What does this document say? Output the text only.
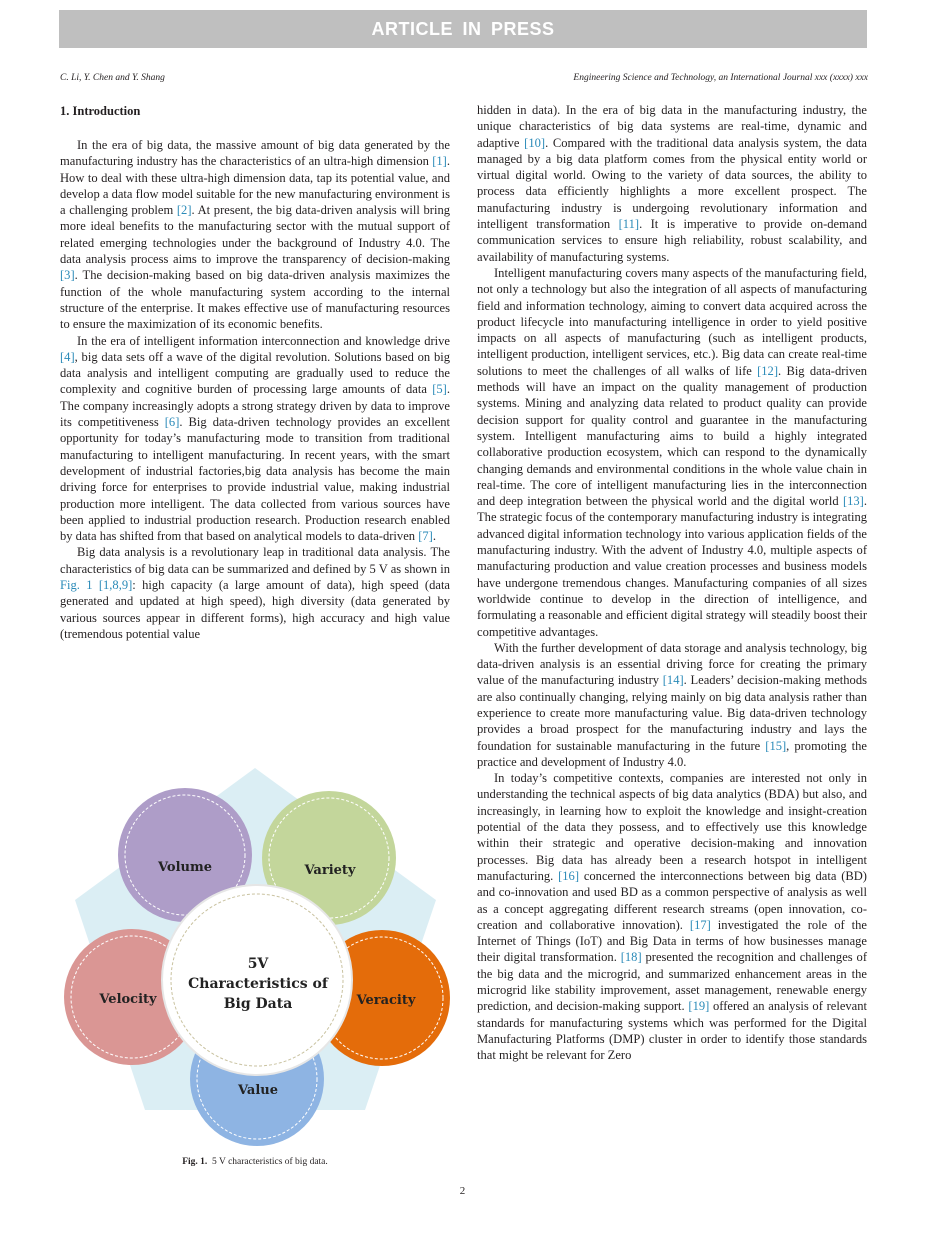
ARTICLE IN PRESS
C. Li, Y. Chen and Y. Shang	Engineering Science and Technology, an International Journal xxx (xxxx) xxx
1. Introduction

In the era of big data, the massive amount of big data generated by the manufacturing industry has the characteristics of an ultra-high dimension [1]. How to deal with these ultra-high dimension data, tap its potential value, and develop a data flow model suitable for the new manufacturing environment is a challenging problem [2]. At present, the big data-driven analysis will bring more ideal benefits to the manufacturing sector with the mutual support of related emerging technologies under the background of Industry 4.0. The data analysis process aims to improve the transparency of decision-making [3]. The decision-making based on big data-driven analysis maximizes the function of the whole manufacturing system according to the internal structure of the enterprise. It makes effective use of manufacturing resources to ensure the maximization of its economic benefits.

In the era of intelligent information interconnection and knowledge drive [4], big data sets off a wave of the digital revolution. Solutions based on big data analysis and intelligent computing are gradually used to reduce the complexity and cognitive burden of processing large amounts of data [5]. The company increasingly adopts a strong strategy driven by data to improve its competitiveness [6]. Big data-driven technology provides an excellent opportunity for today’s manufacturing mode to transition from traditional manufacturing to intelligent manufacturing. In recent years, with the smart development of industrial factories,big data analysis has become the main driving force for enterprises to provide industrial value, making industrial production more intelligent. The data collected from various sources have been applied to industrial production research. Production research enabled by data has shifted from that based on analytical models to data-driven [7].

Big data analysis is a revolutionary leap in traditional data analysis. The characteristics of big data can be summarized and defined by 5 V as shown in Fig. 1 [1,8,9]: high capacity (a large amount of data), high speed (data generated and updated at high speed), high diversity (data generated by various sources appear in different forms), high accuracy and high value (tremendous potential value

hidden in data). In the era of big data in the manufacturing industry, the unique characteristics of big data systems are real-time, dynamic and adaptive [10]. Compared with the traditional data analysis system, the data managed by a big data platform comes from the physical entity world or virtual digital world. Owing to the variety of data sources, the ability to process data efficiently highlights a more excellent prospect. The manufacturing industry is undergoing revolutionary information and intelligent transformation [11]. It is imperative to provide on-demand communication services to ensure high reliability, robust scalability, and availability of manufacturing systems.

Intelligent manufacturing covers many aspects of the manufacturing field, not only a technology but also the integration of all aspects of manufacturing field and information technology, aiming to convert data acquired across the product lifecycle into manufacturing intelligence in order to yield positive impacts on all aspects of manufacturing (such as intelligent products, intelligent production, intelligent services, etc.). Big data can create real-time solutions to meet the challenges of all walks of life [12]. Big data-driven methods will have an impact on the quality management of production systems. Mining and analyzing data related to product quality can provide decision support for quality control and guarantee in the manufacturing system. Intelligent manufacturing aims to build a highly integrated collaborative production ecosystem, which can respond to the dynamically changing demands and environmental conditions in the whole value chain in real-time. The core of intelligent manufacturing lies in the interconnection and deep integration between the physical world and the digital world [13]. The strategic focus of the contemporary manufacturing industry is integrating advanced digital information technology into various application fields of the manufacturing industry. With the advent of Industry 4.0, multiple aspects of manufacturing production and value creation processes and business models have undergone tremendous changes. Manufacturing companies of all sizes worldwide continue to develop in the direction of intelligence, and formulating a reasonable and efficient digital strategy will steadily boost their competitive advantages.

With the further development of data storage and analysis technology, big data-driven analysis is an essential driving force for creating the primary value of the manufacturing industry [14]. Leaders’ decision-making methods are also continually changing, relying mainly on big data analysis rather than experience to create more manufacturing value. Big data-driven technology provides a broad prospect for the manufacturing industry and lays the foundation for sustainable manufacturing in the future [15], promoting the practice and development of Industry 4.0.

In today’s competitive contexts, companies are interested not only in understanding the technical aspects of big data analytics (BDA) but also, and increasingly, in learning how to exploit the knowledge and insight-creation potential of the data they possess, and to effectively use this knowledge within their strategic and operative decision-making and innovation processes. Big data has already been a research hotspot in intelligent manufacturing. [16] concerned the interconnections between big data (BD) and co-innovation and used BD as a common perspective of analysis as well as a concept aggregating different research streams (open innovation, co-creation and collaborative innovation). [17] investigated the role of the Internet of Things (IoT) and Big Data in terms of how businesses manage their digital transformation. [18] presented the recognition and challenges of the big data and the microgrid, and summarized enhancement areas in the microgrid like stability improvement, asset management, renewable energy prediction, and decision-making support. [19] offered an analysis of relevant standards for manufacturing systems which was performed for the Digital Manufacturing Platforms (DMP) cluster in order to identify those standards that might be relevant for Zero

Volume	Variety
Velocity	Veracity
Value
5V
Characteristics of
Big Data
Fig. 1. 5 V characteristics of big data.
2
